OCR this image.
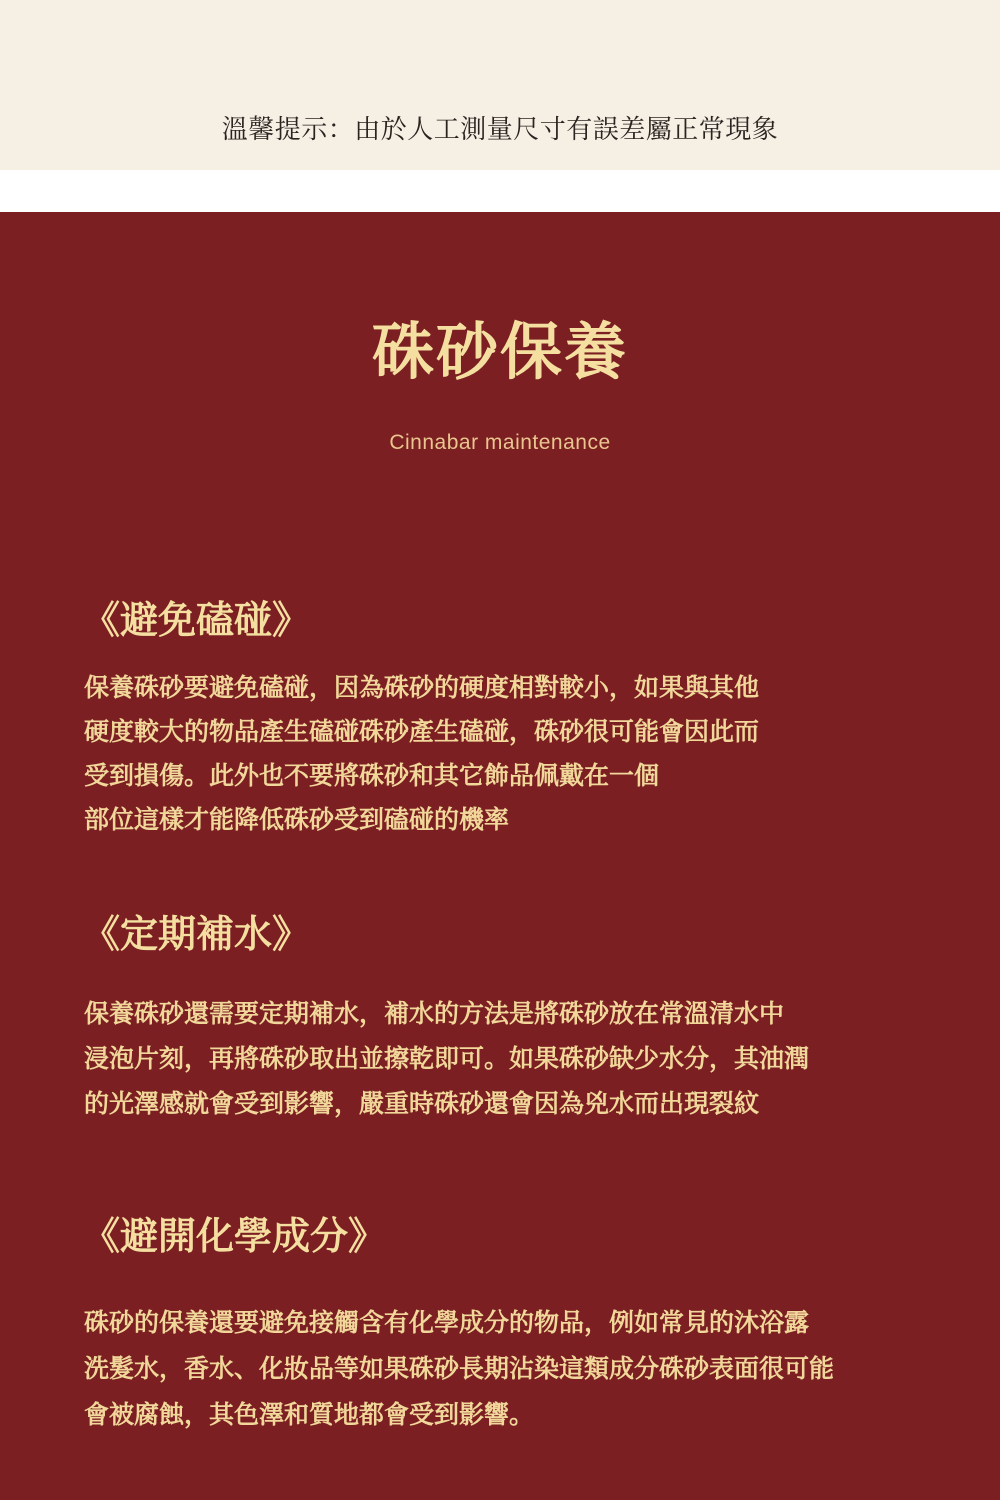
溫馨提示：由於人工測量尺寸有誤差屬正常現象
硃砂保養
Cinnabar maintenance
《避免磕碰》
保養硃砂要避免磕碰，因為硃砂的硬度相對較小，如果與其他
硬度較大的物品產生磕碰硃砂產生磕碰，硃砂很可能會因此而
受到損傷。此外也不要將硃砂和其它飾品佩戴在一個
部位這樣才能降低硃砂受到磕碰的機率
《定期補水》
保養硃砂還需要定期補水，補水的方法是將硃砂放在常溫清水中
浸泡片刻，再將硃砂取出並擦乾即可。如果硃砂缺少水分，其油潤
的光澤感就會受到影響，嚴重時硃砂還會因為兇水而出現裂紋
《避開化學成分》
硃砂的保養還要避免接觸含有化學成分的物品，例如常見的沐浴露
洗髮水，香水、化妝品等如果硃砂長期沾染這類成分硃砂表面很可能
會被腐蝕，其色澤和質地都會受到影響。
